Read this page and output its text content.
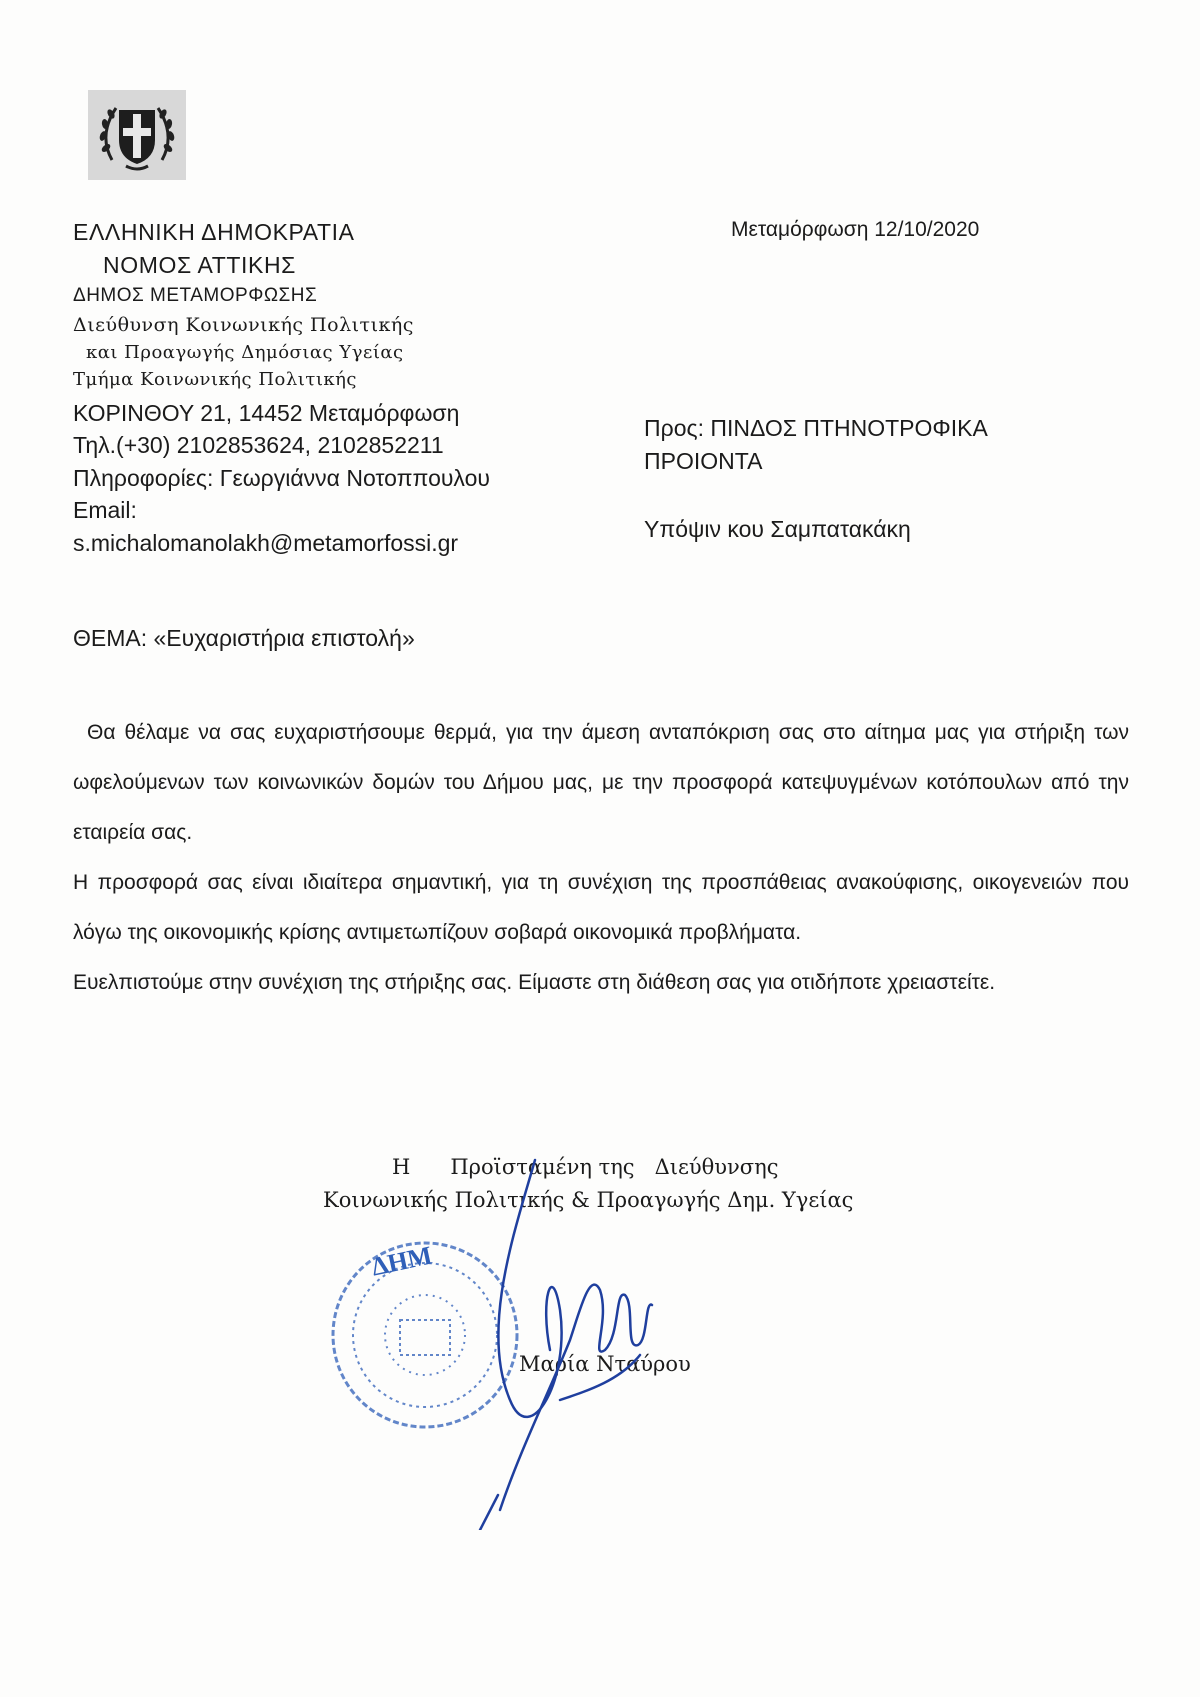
ΕΛΛΗΝΙΚΗ ΔΗΜΟΚΡΑΤΙΑ
ΝΟΜΟΣ ΑΤΤΙΚΗΣ
ΔΗΜΟΣ ΜΕΤΑΜΟΡΦΩΣΗΣ
Διεύθυνση Κοινωνικής Πολιτικής
και Προαγωγής Δημόσιας Υγείας
Τμήμα Κοινωνικής Πολιτικής
ΚΟΡΙΝΘΟΥ 21, 14452 Μεταμόρφωση
Τηλ.(+30) 2102853624, 2102852211
Πληροφορίες: Γεωργιάννα Νοτοππουλου
Email:
s.michalomanolakh@metamorfossi.gr
Μεταμόρφωση 12/10/2020
Προς: ΠΙΝΔΟΣ ΠΤΗΝΟΤΡΟΦΙΚΑ
ΠΡΟΙΟΝΤΑ
Υπόψιν κου Σαμπατακάκη
ΘΕΜΑ: «Ευχαριστήρια επιστολή»

Θα θέλαμε να σας ευχαριστήσουμε θερμά, για την άμεση ανταπόκριση σας στο αίτημα μας για στήριξη των ωφελούμενων των κοινωνικών δομών του Δήμου μας, με την προσφορά κατεψυγμένων κοτόπουλων από την εταιρεία σας.

Η προσφορά σας είναι ιδιαίτερα σημαντική, για τη συνέχιση της προσπάθειας ανακούφισης, οικογενειών που λόγω της οικονομικής κρίσης αντιμετωπίζουν σοβαρά οικονομικά προβλήματα.

Ευελπιστούμε στην συνέχιση της στήριξης σας. Είμαστε στη διάθεση σας για οτιδήποτε χρειαστείτε.

Η      Προϊσταμένη της   Διεύθυνσης
Κοινωνικής Πολιτικής & Προαγωγής Δημ. Υγείας
ΔΗΜ
Μαρία Νταύρου
